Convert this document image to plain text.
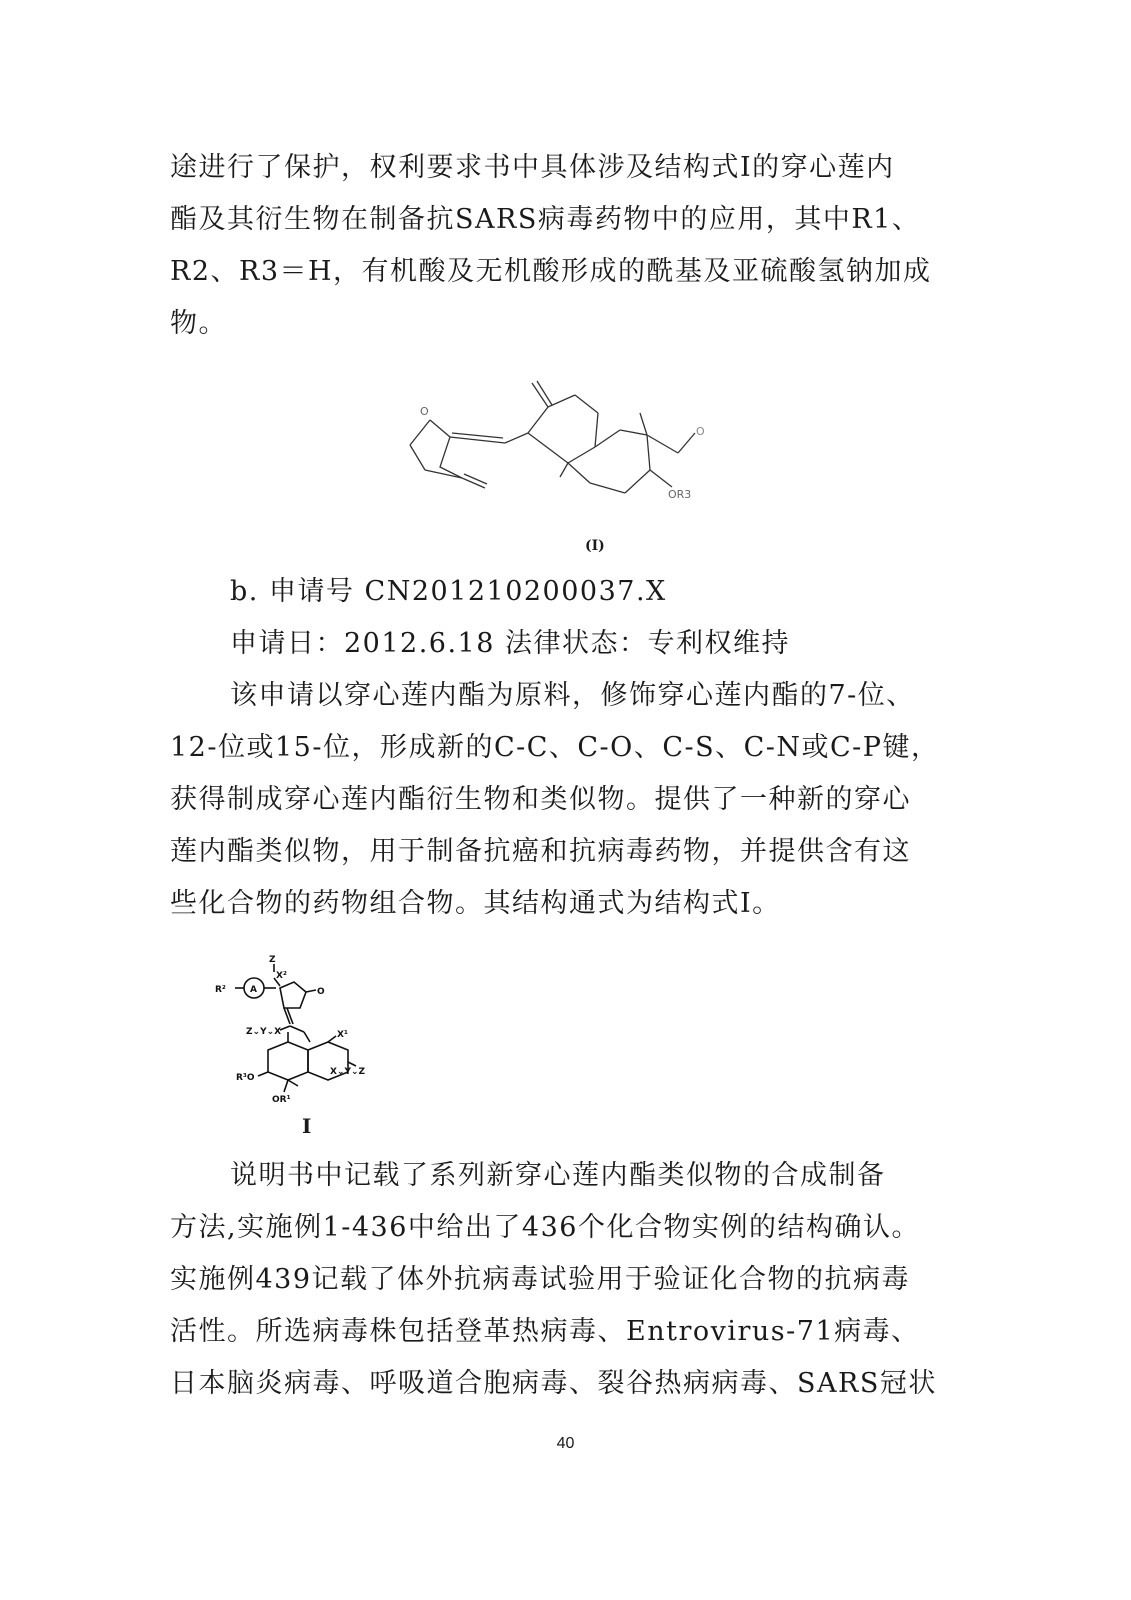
途进行了保护，权利要求书中具体涉及结构式Ⅰ的穿心莲内
酯及其衍生物在制备抗SARS病毒药物中的应用，其中R1、
R2、R3＝H，有机酸及无机酸形成的酰基及亚硫酸氢钠加成
物。
O
O
OR3
(I)
b. 申请号 CN201210200037.X
申请日：2012.6.18 法律状态：专利权维持
该申请以穿心莲内酯为原料，修饰穿心莲内酯的7-位、
12-位或15-位，形成新的C-C、C-O、C-S、C-N或C-P键，
获得制成穿心莲内酯衍生物和类似物。提供了一种新的穿心
莲内酯类似物，用于制备抗癌和抗病毒药物，并提供含有这
些化合物的药物组合物。其结构通式为结构式Ⅰ。
Z
X²
R²	A	O
Z⌄Y⌄X	X¹
X⌄Y⌄Z
R³O
OR¹
I
说明书中记载了系列新穿心莲内酯类似物的合成制备
方法,实施例1-436中给出了436个化合物实例的结构确认。
实施例439记载了体外抗病毒试验用于验证化合物的抗病毒
活性。所选病毒株包括登革热病毒、Entrovirus-71病毒、
日本脑炎病毒、呼吸道合胞病毒、裂谷热病病毒、SARS冠状
40
